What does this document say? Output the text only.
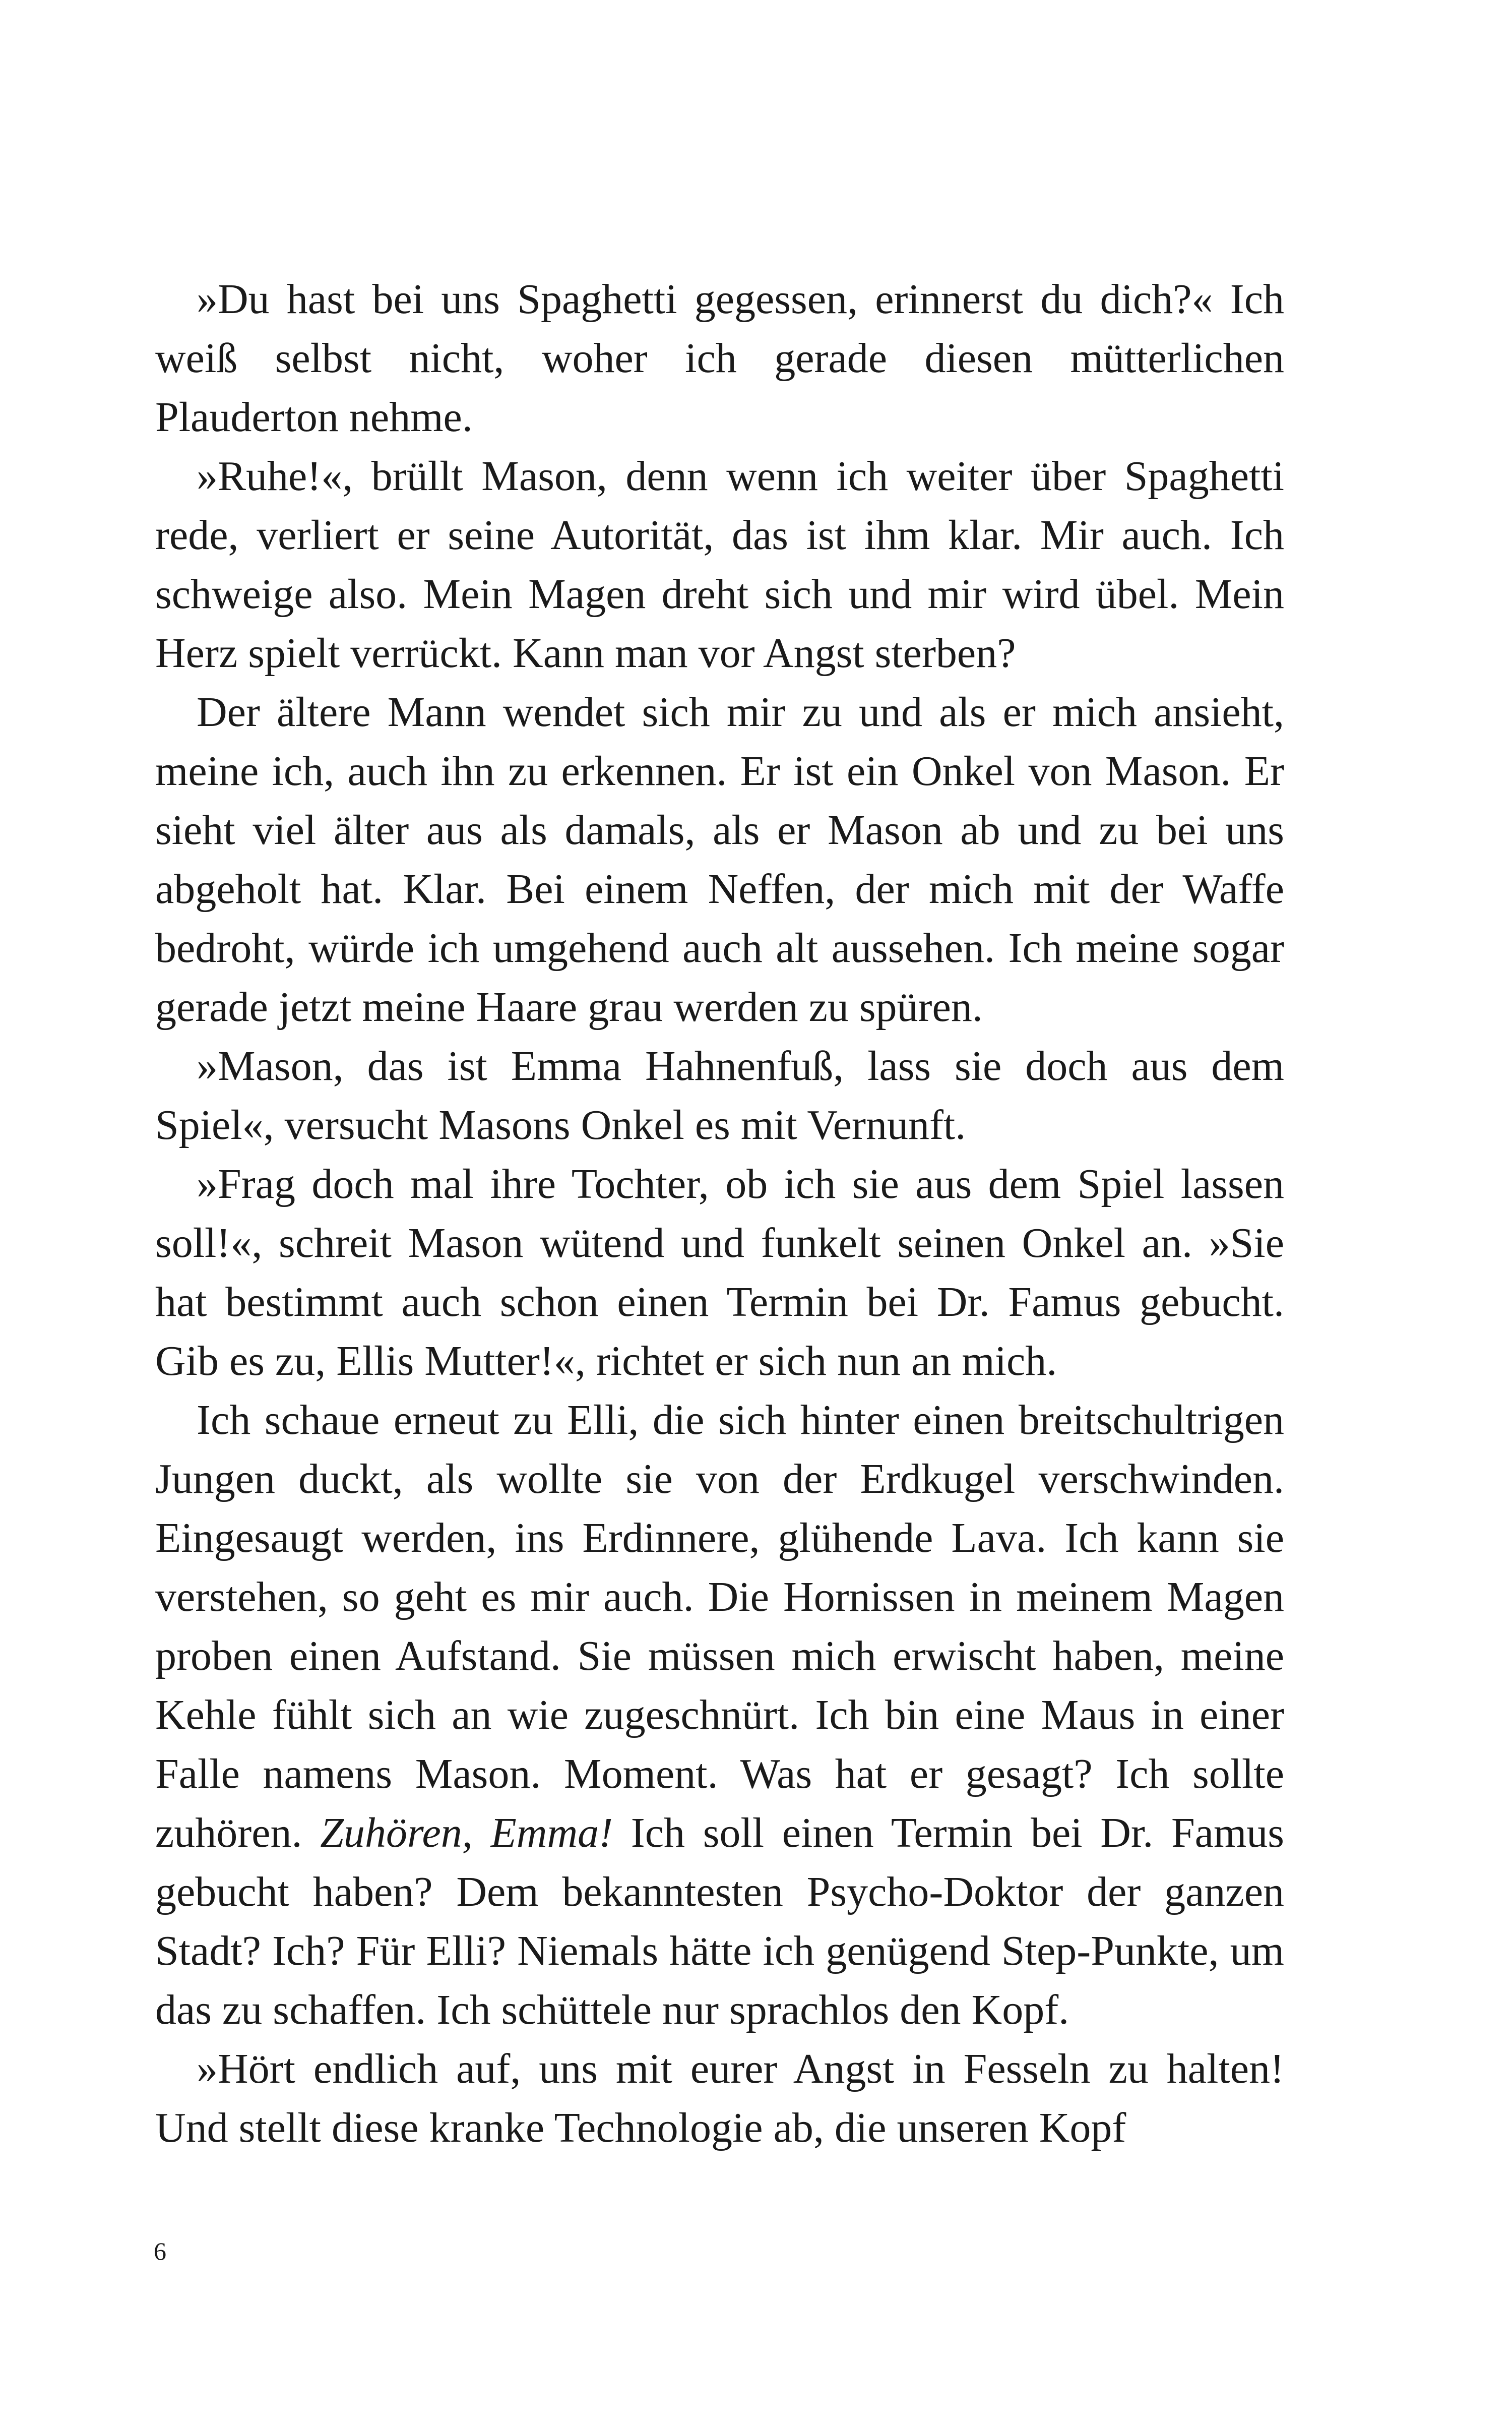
»Du hast bei uns Spaghetti gegessen, erinnerst du dich?« Ich weiß selbst nicht, woher ich gerade diesen mütterlichen Plauderton nehme.

»Ruhe!«, brüllt Mason, denn wenn ich weiter über Spaghetti rede, verliert er seine Autorität, das ist ihm klar. Mir auch. Ich schweige also. Mein Magen dreht sich und mir wird übel. Mein Herz spielt verrückt. Kann man vor Angst sterben?

Der ältere Mann wendet sich mir zu und als er mich ansieht, meine ich, auch ihn zu erkennen. Er ist ein Onkel von Mason. Er sieht viel älter aus als damals, als er Mason ab und zu bei uns abgeholt hat. Klar. Bei einem Neffen, der mich mit der Waffe bedroht, würde ich umgehend auch alt aussehen. Ich meine sogar gerade jetzt meine Haare grau werden zu spüren.

»Mason, das ist Emma Hahnenfuß, lass sie doch aus dem Spiel«, versucht Masons Onkel es mit Vernunft.

»Frag doch mal ihre Tochter, ob ich sie aus dem Spiel lassen soll!«, schreit Mason wütend und funkelt seinen Onkel an. »Sie hat bestimmt auch schon einen Termin bei Dr. Famus gebucht. Gib es zu, Ellis Mutter!«, richtet er sich nun an mich.

Ich schaue erneut zu Elli, die sich hinter einen breitschultrigen Jungen duckt, als wollte sie von der Erdkugel verschwinden. Eingesaugt werden, ins Erdinnere, glühende Lava. Ich kann sie verstehen, so geht es mir auch. Die Hornissen in meinem Magen proben einen Aufstand. Sie müssen mich erwischt haben, meine Kehle fühlt sich an wie zugeschnürt. Ich bin eine Maus in einer Falle namens Mason. Moment. Was hat er gesagt? Ich sollte zuhören. Zuhören, Emma! Ich soll einen Termin bei Dr. Famus gebucht haben? Dem bekanntesten Psycho-Doktor der ganzen Stadt? Ich? Für Elli? Niemals hätte ich genügend Step-Punkte, um das zu schaffen. Ich schüttele nur sprachlos den Kopf.

»Hört endlich auf, uns mit eurer Angst in Fesseln zu halten! Und stellt diese kranke Technologie ab, die unseren Kopf

6
